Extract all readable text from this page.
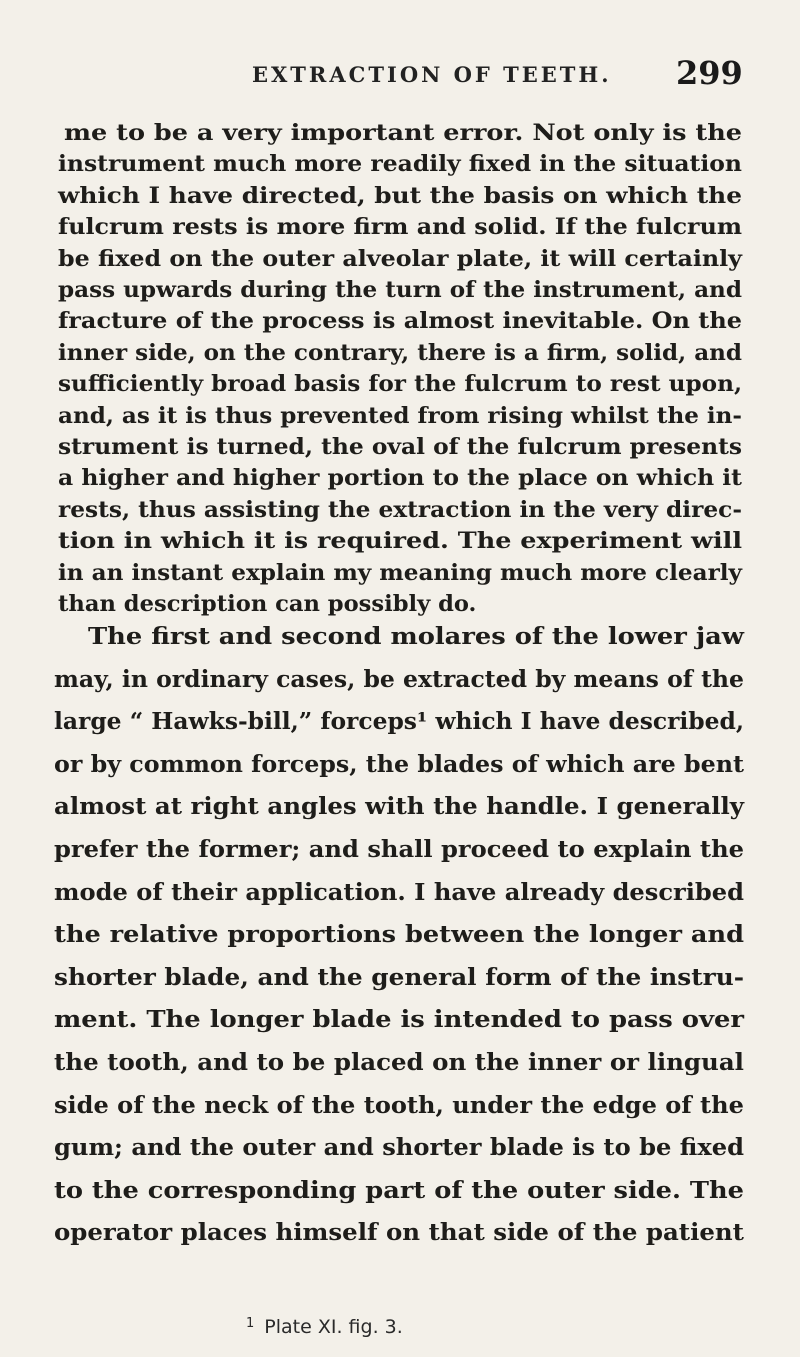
EXTRACTION OF TEETH. 299
me to be a very important error. Not only is the
instrument much more readily fixed in the situation
which I have directed, but the basis on which the
fulcrum rests is more firm and solid. If the fulcrum
be fixed on the outer alveolar plate, it will certainly
pass upwards during the turn of the instrument, and
fracture of the process is almost inevitable. On the
inner side, on the contrary, there is a firm, solid, and
sufficiently broad basis for the fulcrum to rest upon,
and, as it is thus prevented from rising whilst the in-
strument is turned, the oval of the fulcrum presents
a higher and higher portion to the place on which it
rests, thus assisting the extraction in the very direc-
tion in which it is required. The experiment will
in an instant explain my meaning much more clearly
than description can possibly do.
The first and second molares of the lower jaw
may, in ordinary cases, be extracted by means of the
large “ Hawks-bill,” forceps¹ which I have described,
or by common forceps, the blades of which are bent
almost at right angles with the handle. I generally
prefer the former; and shall proceed to explain the
mode of their application. I have already described
the relative proportions between the longer and
shorter blade, and the general form of the instru-
ment. The longer blade is intended to pass over
the tooth, and to be placed on the inner or lingual
side of the neck of the tooth, under the edge of the
gum; and the outer and shorter blade is to be fixed
to the corresponding part of the outer side. The
operator places himself on that side of the patient
$^1$ Plate XI. fig. 3.
